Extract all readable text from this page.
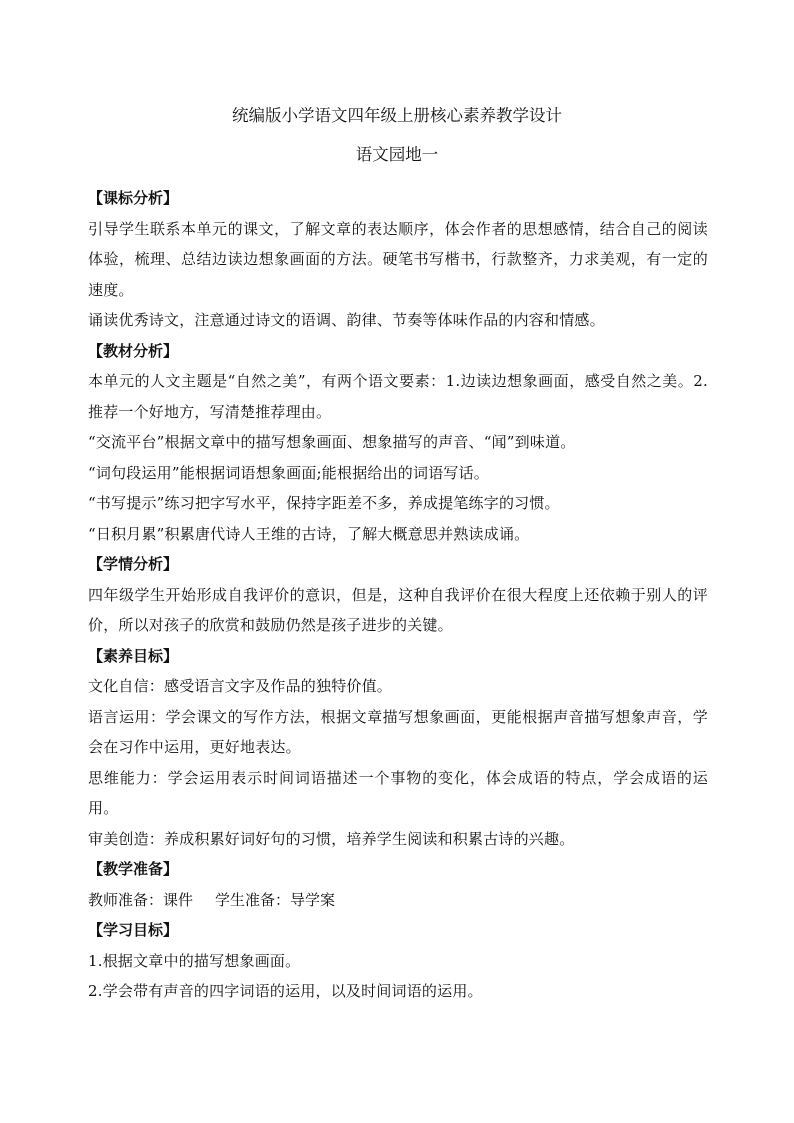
统编版小学语文四年级上册核心素养教学设计
语文园地一
【课标分析】
引导学生联系本单元的课文，了解文章的表达顺序，体会作者的思想感情，结合自己的阅读体验，梳理、总结边读边想象画面的方法。硬笔书写楷书，行款整齐，力求美观，有一定的速度。
诵读优秀诗文，注意通过诗文的语调、韵律、节奏等体味作品的内容和情感。
【教材分析】
本单元的人文主题是“自然之美”，有两个语文要素：1.边读边想象画面，感受自然之美。2.推荐一个好地方，写清楚推荐理由。
“交流平台”根据文章中的描写想象画面、想象描写的声音、“闻”到味道。
“词句段运用”能根据词语想象画面;能根据给出的词语写话。
“书写提示”练习把字写水平，保持字距差不多，养成提笔练字的习惯。
“日积月累”积累唐代诗人王维的古诗，了解大概意思并熟读成诵。
【学情分析】
四年级学生开始形成自我评价的意识，但是，这种自我评价在很大程度上还依赖于别人的评价，所以对孩子的欣赏和鼓励仍然是孩子进步的关键。
【素养目标】
文化自信：感受语言文字及作品的独特价值。
语言运用：学会课文的写作方法，根据文章描写想象画面，更能根据声音描写想象声音，学会在习作中运用，更好地表达。
思维能力：学会运用表示时间词语描述一个事物的变化，体会成语的特点，学会成语的运用。
审美创造：养成积累好词好句的习惯，培养学生阅读和积累古诗的兴趣。
【教学准备】
教师准备：课件 学生准备：导学案
【学习目标】
1.根据文章中的描写想象画面。
2.学会带有声音的四字词语的运用，以及时间词语的运用。
